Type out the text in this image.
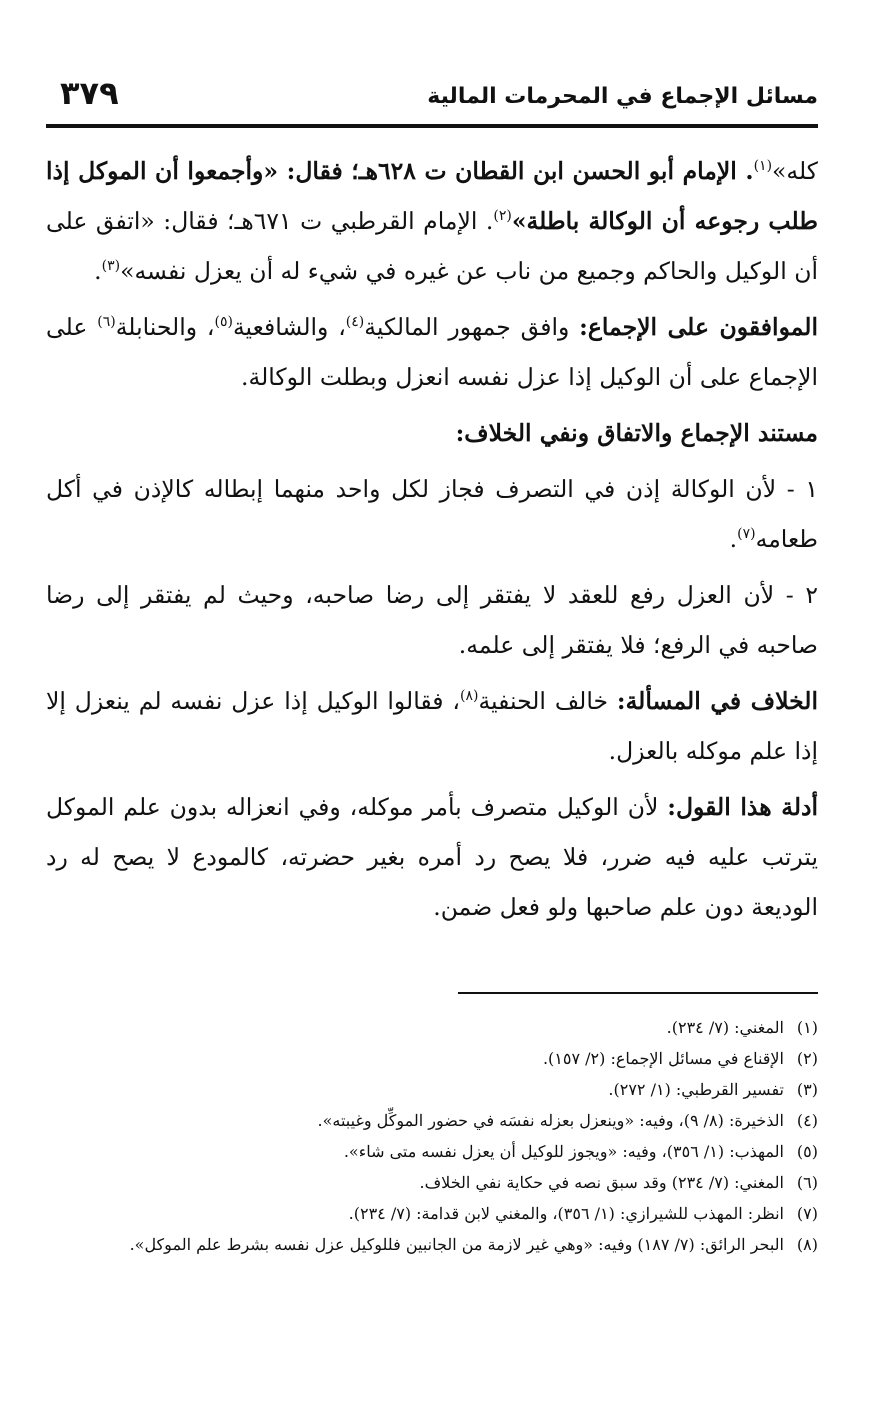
مسائل الإجماع في المحرمات المالية
٣٧٩

كله»$^{(١)}$. الإمام أبو الحسن ابن القطان ت ٦٢٨هـ؛ فقال: «وأجمعوا أن الموكل إذا طلب رجوعه أن الوكالة باطلة»$^{(٢)}$. الإمام القرطبي ت ٦٧١هـ؛ فقال: «اتفق على أن الوكيل والحاكم وجميع من ناب عن غيره في شيء له أن يعزل نفسه»$^{(٣)}$.

الموافقون على الإجماع: وافق جمهور المالكية$^{(٤)}$، والشافعية$^{(٥)}$، والحنابلة$^{(٦)}$ على الإجماع على أن الوكيل إذا عزل نفسه انعزل وبطلت الوكالة.

مستند الإجماع والاتفاق ونفي الخلاف:

١ - لأن الوكالة إذن في التصرف فجاز لكل واحد منهما إبطاله كالإذن في أكل طعامه$^{(٧)}$.

٢ - لأن العزل رفع للعقد لا يفتقر إلى رضا صاحبه، وحيث لم يفتقر إلى رضا صاحبه في الرفع؛ فلا يفتقر إلى علمه.

الخلاف في المسألة: خالف الحنفية$^{(٨)}$، فقالوا الوكيل إذا عزل نفسه لم ينعزل إلا إذا علم موكله بالعزل.

أدلة هذا القول: لأن الوكيل متصرف بأمر موكله، وفي انعزاله بدون علم الموكل يترتب عليه فيه ضرر، فلا يصح رد أمره بغير حضرته، كالمودع لا يصح له رد الوديعة دون علم صاحبها ولو فعل ضمن.

(١)المغني: (٧/ ٢٣٤).

(٢)الإقناع في مسائل الإجماع: (٢/ ١٥٧).

(٣)تفسير القرطبي: (١/ ٢٧٢).

(٤)الذخيرة: (٨/ ٩)، وفيه: «وينعزل بعزله نفسَه في حضور الموكِّل وغيبته».

(٥)المهذب: (١/ ٣٥٦)، وفيه: «ويجوز للوكيل أن يعزل نفسه متى شاء».

(٦)المغني: (٧/ ٢٣٤) وقد سبق نصه في حكاية نفي الخلاف.

(٧)انظر: المهذب للشيرازي: (١/ ٣٥٦)، والمغني لابن قدامة: (٧/ ٢٣٤).

(٨)البحر الرائق: (٧/ ١٨٧) وفيه: «وهي غير لازمة من الجانبين فللوكيل عزل نفسه بشرط علم الموكل».
